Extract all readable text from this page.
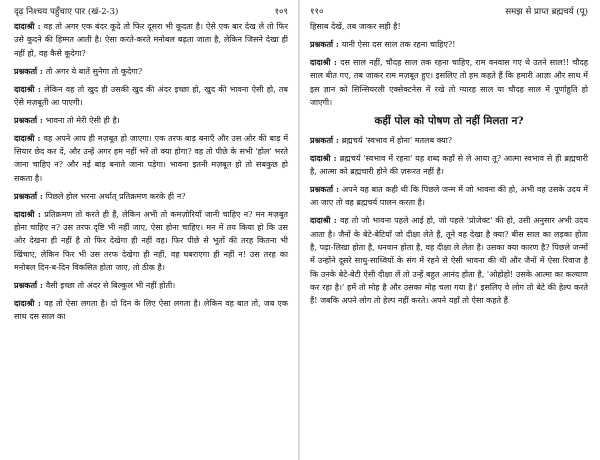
दृढ़ निश्चय पहुँचाए पार (खं-2-3)	१०९

दादाश्री : वह तो अगर एक बंदर कूदे तो फिर दूसरा भी कूदता है। ऐसे एक बार देख ले तो फिर उसे कूदने की हिम्मत आती है। ऐसा करते-करते मनोबल बढ़ता जाता है, लेकिन जिसने देखा ही नहीं हो, वह कैसे कूदेगा?

प्रश्नकर्ता : तो अगर ये बातें सुनेगा तो कूदेगा?

दादाश्री : लेकिन वह तो खुद ही उसकी खुद की अंदर इच्छा हो, खुद की भावना ऐसी हो, तब ऐसे मज़बूती आ पाएगी।

प्रश्नकर्ता : भावना तो मेरी ऐसी ही है।

दादाश्री : वह अपने आप ही मज़बूत हो जाएगा। एक तरफ बाड़ बनाएँ और उस ओर की बाड़ में सियार छेद कर दें, और उन्हें अगर हम नहीं भरें तो क्या होगा? वह तो पीछे के सभी 'होल' भरते जाना चाहिए न? और नई बाड़ बनाते जाना पड़ेगा। भावना इतनी मज़बूत हो तो सबकुछ हो सकता है।

प्रश्नकर्ता : पिछले होल भरना अर्थात् प्रतिक्रमण करके ही न?

दादाश्री : प्रतिक्रमण तो करते ही हैं, लेकिन अभी तो कमज़ोरियाँ जानी चाहिए न? मन मज़बूत होना चाहिए न? उस तरफ दृष्टि भी नहीं जाए, ऐसा होना चाहिए। मन में तय किया हो कि उस ओर देखना ही नहीं है तो फिर देखेगा ही नहीं वह। फिर पीछे से भूतों की तरह कितना भी खिंचाए, लेकिन फिर भी उस तरफ देखेगा ही नहीं, वह घबराएगा ही नहीं न! उस तरह का मनोबल दिन-ब-दिन विकसित होता जाए, तो ठीक है।

प्रश्नकर्ता : वैसी इच्छा तो अंदर से बिल्कुल भी नहीं होती।

दादाश्री : वह तो ऐसा लगता है। दो दिन के लिए ऐसा लगता है। लेकिन वह बात तो, जब एक साथ दस साल का

११०	समझ से प्राप्त ब्रह्मचर्य (पू)

हिसाब देखें, तब जाकर सही है!

प्रश्नकर्ता : यानी ऐसा दस साल तक रहना चाहिए?!

दादाश्री : दस साल नहीं, चौदह साल तक रहना चाहिए, राम वनवास गए थे उतने साल!! चौदह साल बीत गए, तब जाकर राम मज़बूत हुए। इसलिए तो हम कहते हैं कि हमारी आज्ञा और साथ में इस ज्ञान को सिन्सियरली एक्सेक्टनेस में रखे तो ग्यारह साल या चौदह साल में पूर्णाहुति हो जाएगी।

कहीं पोल को पोषण तो नहीं मिलता न?

प्रश्नकर्ता : ब्रह्मचर्य 'स्वभाव में होना' मतलब क्या?

दादाश्री : ब्रह्मचर्य 'स्वभाव में रहना' यह शब्द कहाँ से ले आया तू? आत्मा स्वभाव से ही ब्रह्मचारी है, आत्मा को ब्रह्मचारी होने की ज़रूरत नहीं है।

प्रश्नकर्ता : अपने यह बात कही थी कि पिछले जन्म में जो भावना की हो, अभी वह उसके उदय में आ जाए तो वह ब्रह्मचर्य पालन करता है।

दादाश्री : वह तो जो भावना पहले आई हो, जो पहले 'प्रोजेक्ट' की हो, उसी अनुसार अभी उदय आता है। जैनों के बेटे-बेटियाँ जो दीक्षा लेते हैं, तूने वह देखा है क्या? बीस साल का लड़का होता है, पढ़ा-लिखा होता है, धनवान होता है, वह दीक्षा ले लेता है। उसका क्या कारण है? पिछले जन्मों में उन्होंने दूसरे साधु-साध्वियों के संग में रहने से ऐसी भावना की थी और जैनों में ऐसा रिवाज है कि उनके बेटे-बेटी ऐसी दीक्षा लें तो उन्हें बहुत आनंद होता है, 'ओहोहो! उसके आत्मा का कल्याण कर रहा है।' हमें तो मोह है और उसका मोह चला गया है।' इसलिए वे लोग तो बेटे की हेल्प करते हैं! जबकि अपने लोग तो हेल्प नहीं करते। अपने यहाँ तो ऐसा कहते हैं
